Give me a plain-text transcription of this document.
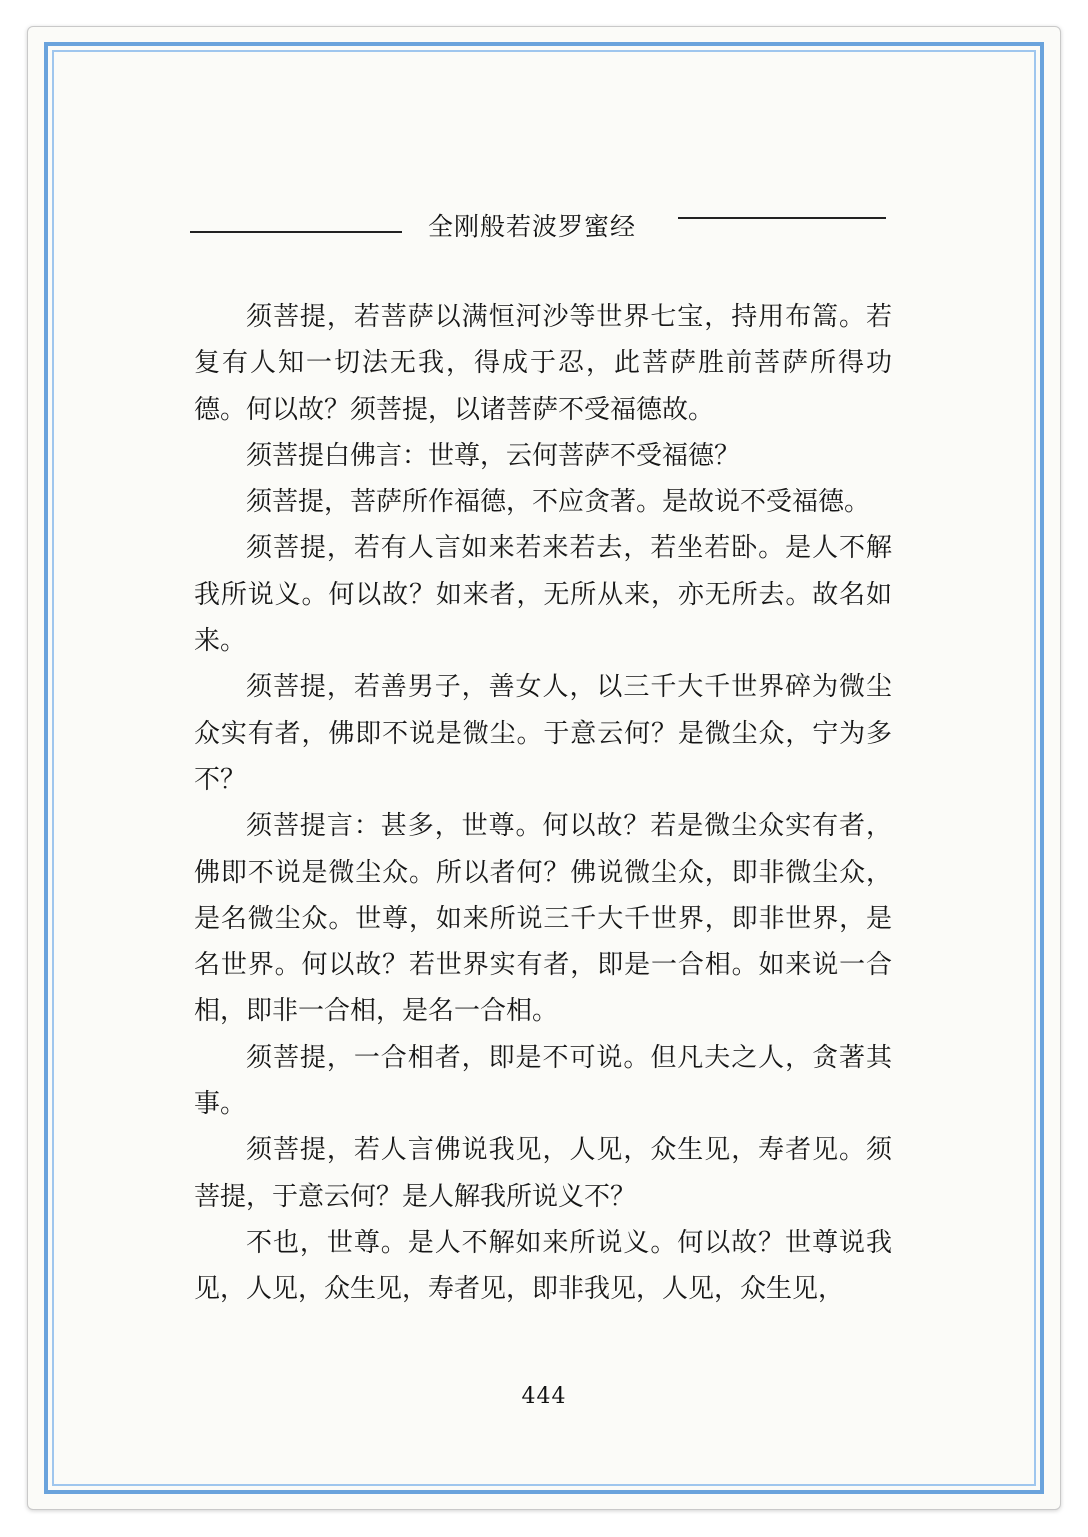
全刚般若波罗蜜经

须菩提，若菩萨以满恒河沙等世界七宝，持用布篙。若复有人知一切法无我，得成于忍，此菩萨胜前菩萨所得功德。何以故？须菩提，以诸菩萨不受福德故。

须菩提白佛言：世尊，云何菩萨不受福德？

须菩提，菩萨所作福德，不应贪著。是故说不受福德。

须菩提，若有人言如来若来若去，若坐若卧。是人不解我所说义。何以故？如来者，无所从来，亦无所去。故名如来。

须菩提，若善男子，善女人，以三千大千世界碎为微尘众实有者，佛即不说是微尘。于意云何？是微尘众，宁为多不？

须菩提言：甚多，世尊。何以故？若是微尘众实有者，佛即不说是微尘众。所以者何？佛说微尘众，即非微尘众，是名微尘众。世尊，如来所说三千大千世界，即非世界，是名世界。何以故？若世界实有者，即是一合相。如来说一合相，即非一合相，是名一合相。

须菩提，一合相者，即是不可说。但凡夫之人，贪著其事。

须菩提，若人言佛说我见，人见，众生见，寿者见。须菩提，于意云何？是人解我所说义不？

不也，世尊。是人不解如来所说义。何以故？世尊说我见，人见，众生见，寿者见，即非我见，人见，众生见，

444
